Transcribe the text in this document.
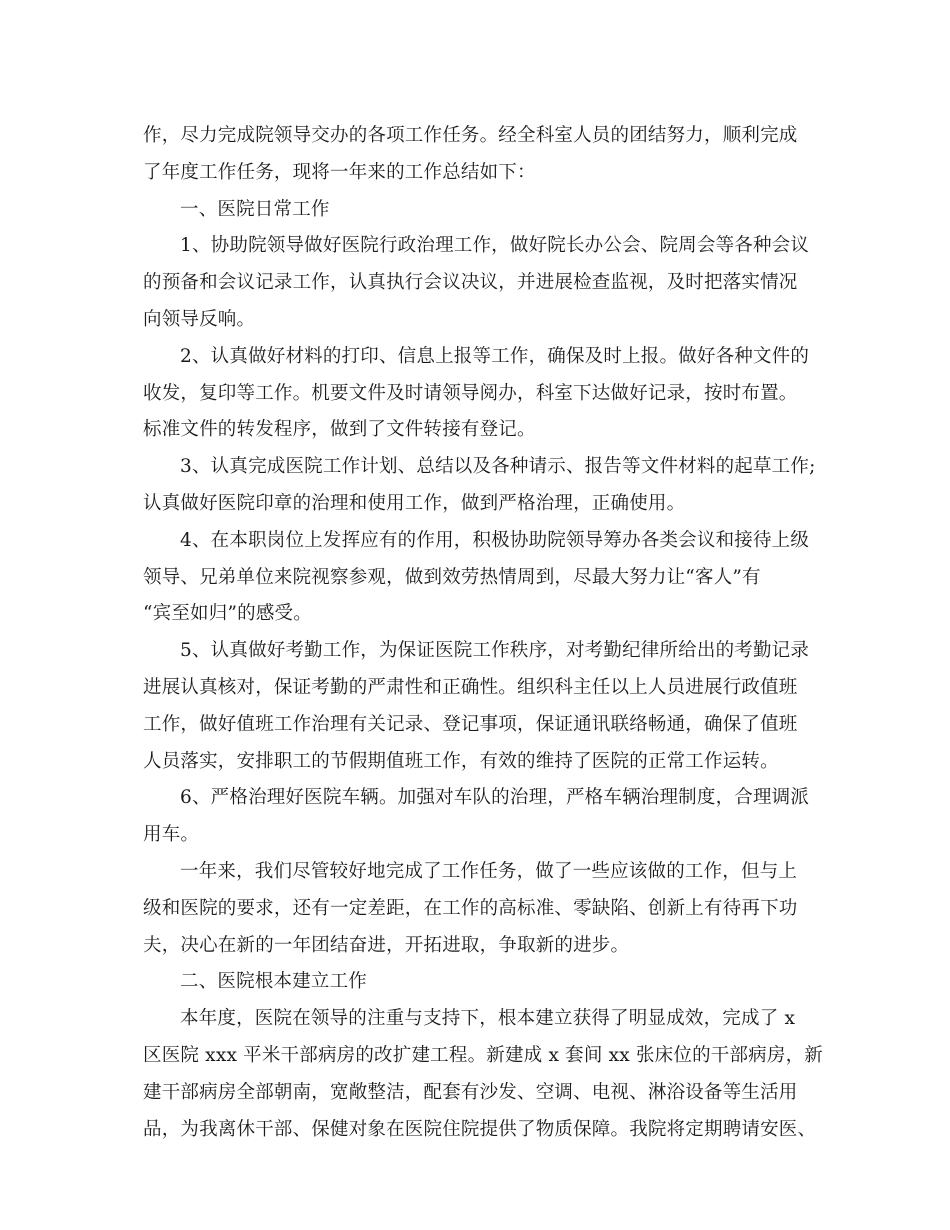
作，尽力完成院领导交办的各项工作任务。经全科室人员的团结努力，顺利完成
了年度工作任务，现将一年来的工作总结如下：
一、医院日常工作
1、协助院领导做好医院行政治理工作，做好院长办公会、院周会等各种会议
的预备和会议记录工作，认真执行会议决议，并进展检查监视，及时把落实情况
向领导反响。
2、认真做好材料的打印、信息上报等工作，确保及时上报。做好各种文件的
收发，复印等工作。机要文件及时请领导阅办，科室下达做好记录，按时布置。
标准文件的转发程序，做到了文件转接有登记。
3、认真完成医院工作计划、总结以及各种请示、报告等文件材料的起草工作;
认真做好医院印章的治理和使用工作，做到严格治理，正确使用。
4、在本职岗位上发挥应有的作用，积极协助院领导筹办各类会议和接待上级
领导、兄弟单位来院视察参观，做到效劳热情周到，尽最大努力让“客人”有
“宾至如归”的感受。
5、认真做好考勤工作，为保证医院工作秩序，对考勤纪律所给出的考勤记录
进展认真核对，保证考勤的严肃性和正确性。组织科主任以上人员进展行政值班
工作，做好值班工作治理有关记录、登记事项，保证通讯联络畅通，确保了值班
人员落实，安排职工的节假期值班工作，有效的维持了医院的正常工作运转。
6、严格治理好医院车辆。加强对车队的治理，严格车辆治理制度，合理调派
用车。
一年来，我们尽管较好地完成了工作任务，做了一些应该做的工作，但与上
级和医院的要求，还有一定差距，在工作的高标准、零缺陷、创新上有待再下功
夫，决心在新的一年团结奋进，开拓进取，争取新的进步。
二、医院根本建立工作
本年度，医院在领导的注重与支持下，根本建立获得了明显成效，完成了 x
区医院 xxx 平米干部病房的改扩建工程。新建成 x 套间 xx 张床位的干部病房，新
建干部病房全部朝南，宽敞整洁，配套有沙发、空调、电视、淋浴设备等生活用
品，为我离休干部、保健对象在医院住院提供了物质保障。我院将定期聘请安医、
